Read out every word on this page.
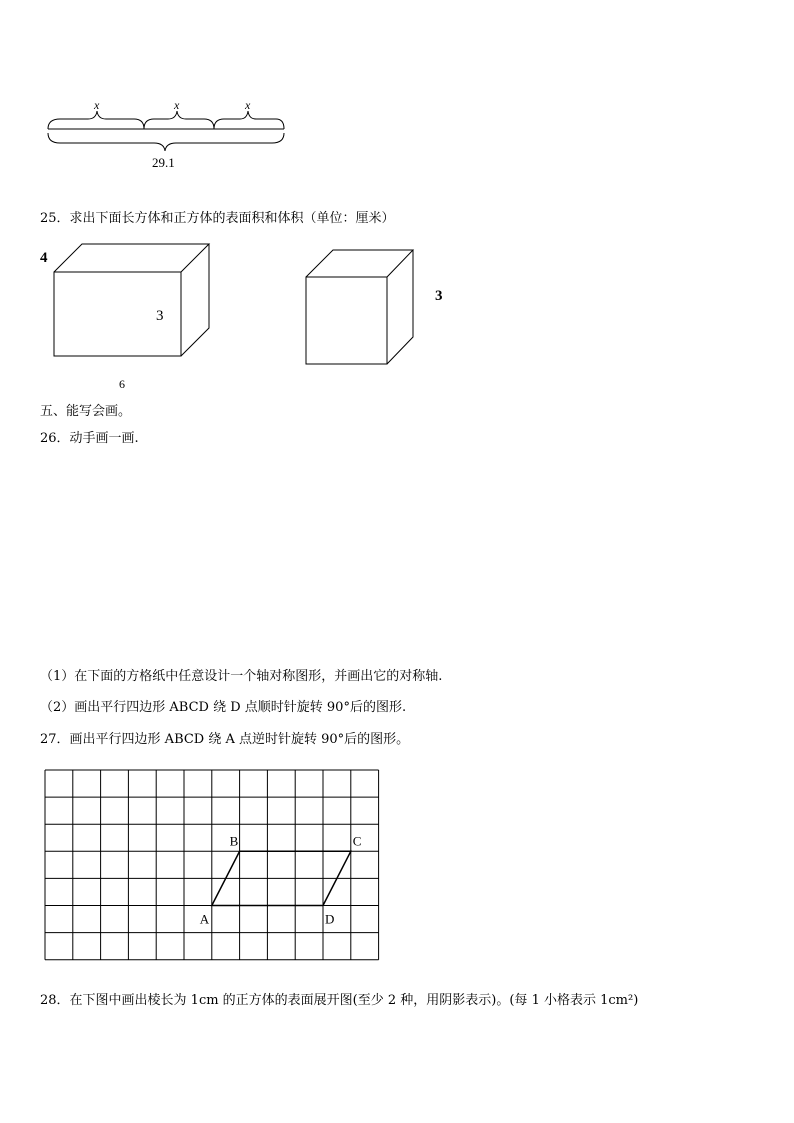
x	x	x
29.1
25．求出下面长方体和正方体的表面积和体积（单位：厘米）
4
3
6
3
五、能写会画。
26．动手画一画.
（1）在下面的方格纸中任意设计一个轴对称图形，并画出它的对称轴.
（2）画出平行四边形 ABCD 绕 D 点顺时针旋转 90°后的图形.
27．画出平行四边形 ABCD 绕 A 点逆时针旋转 90°后的图形。
A
B	C
D
28．在下图中画出棱长为 1cm 的正方体的表面展开图(至少 2 种，用阴影表示)。(每 1 小格表示 1cm²)
